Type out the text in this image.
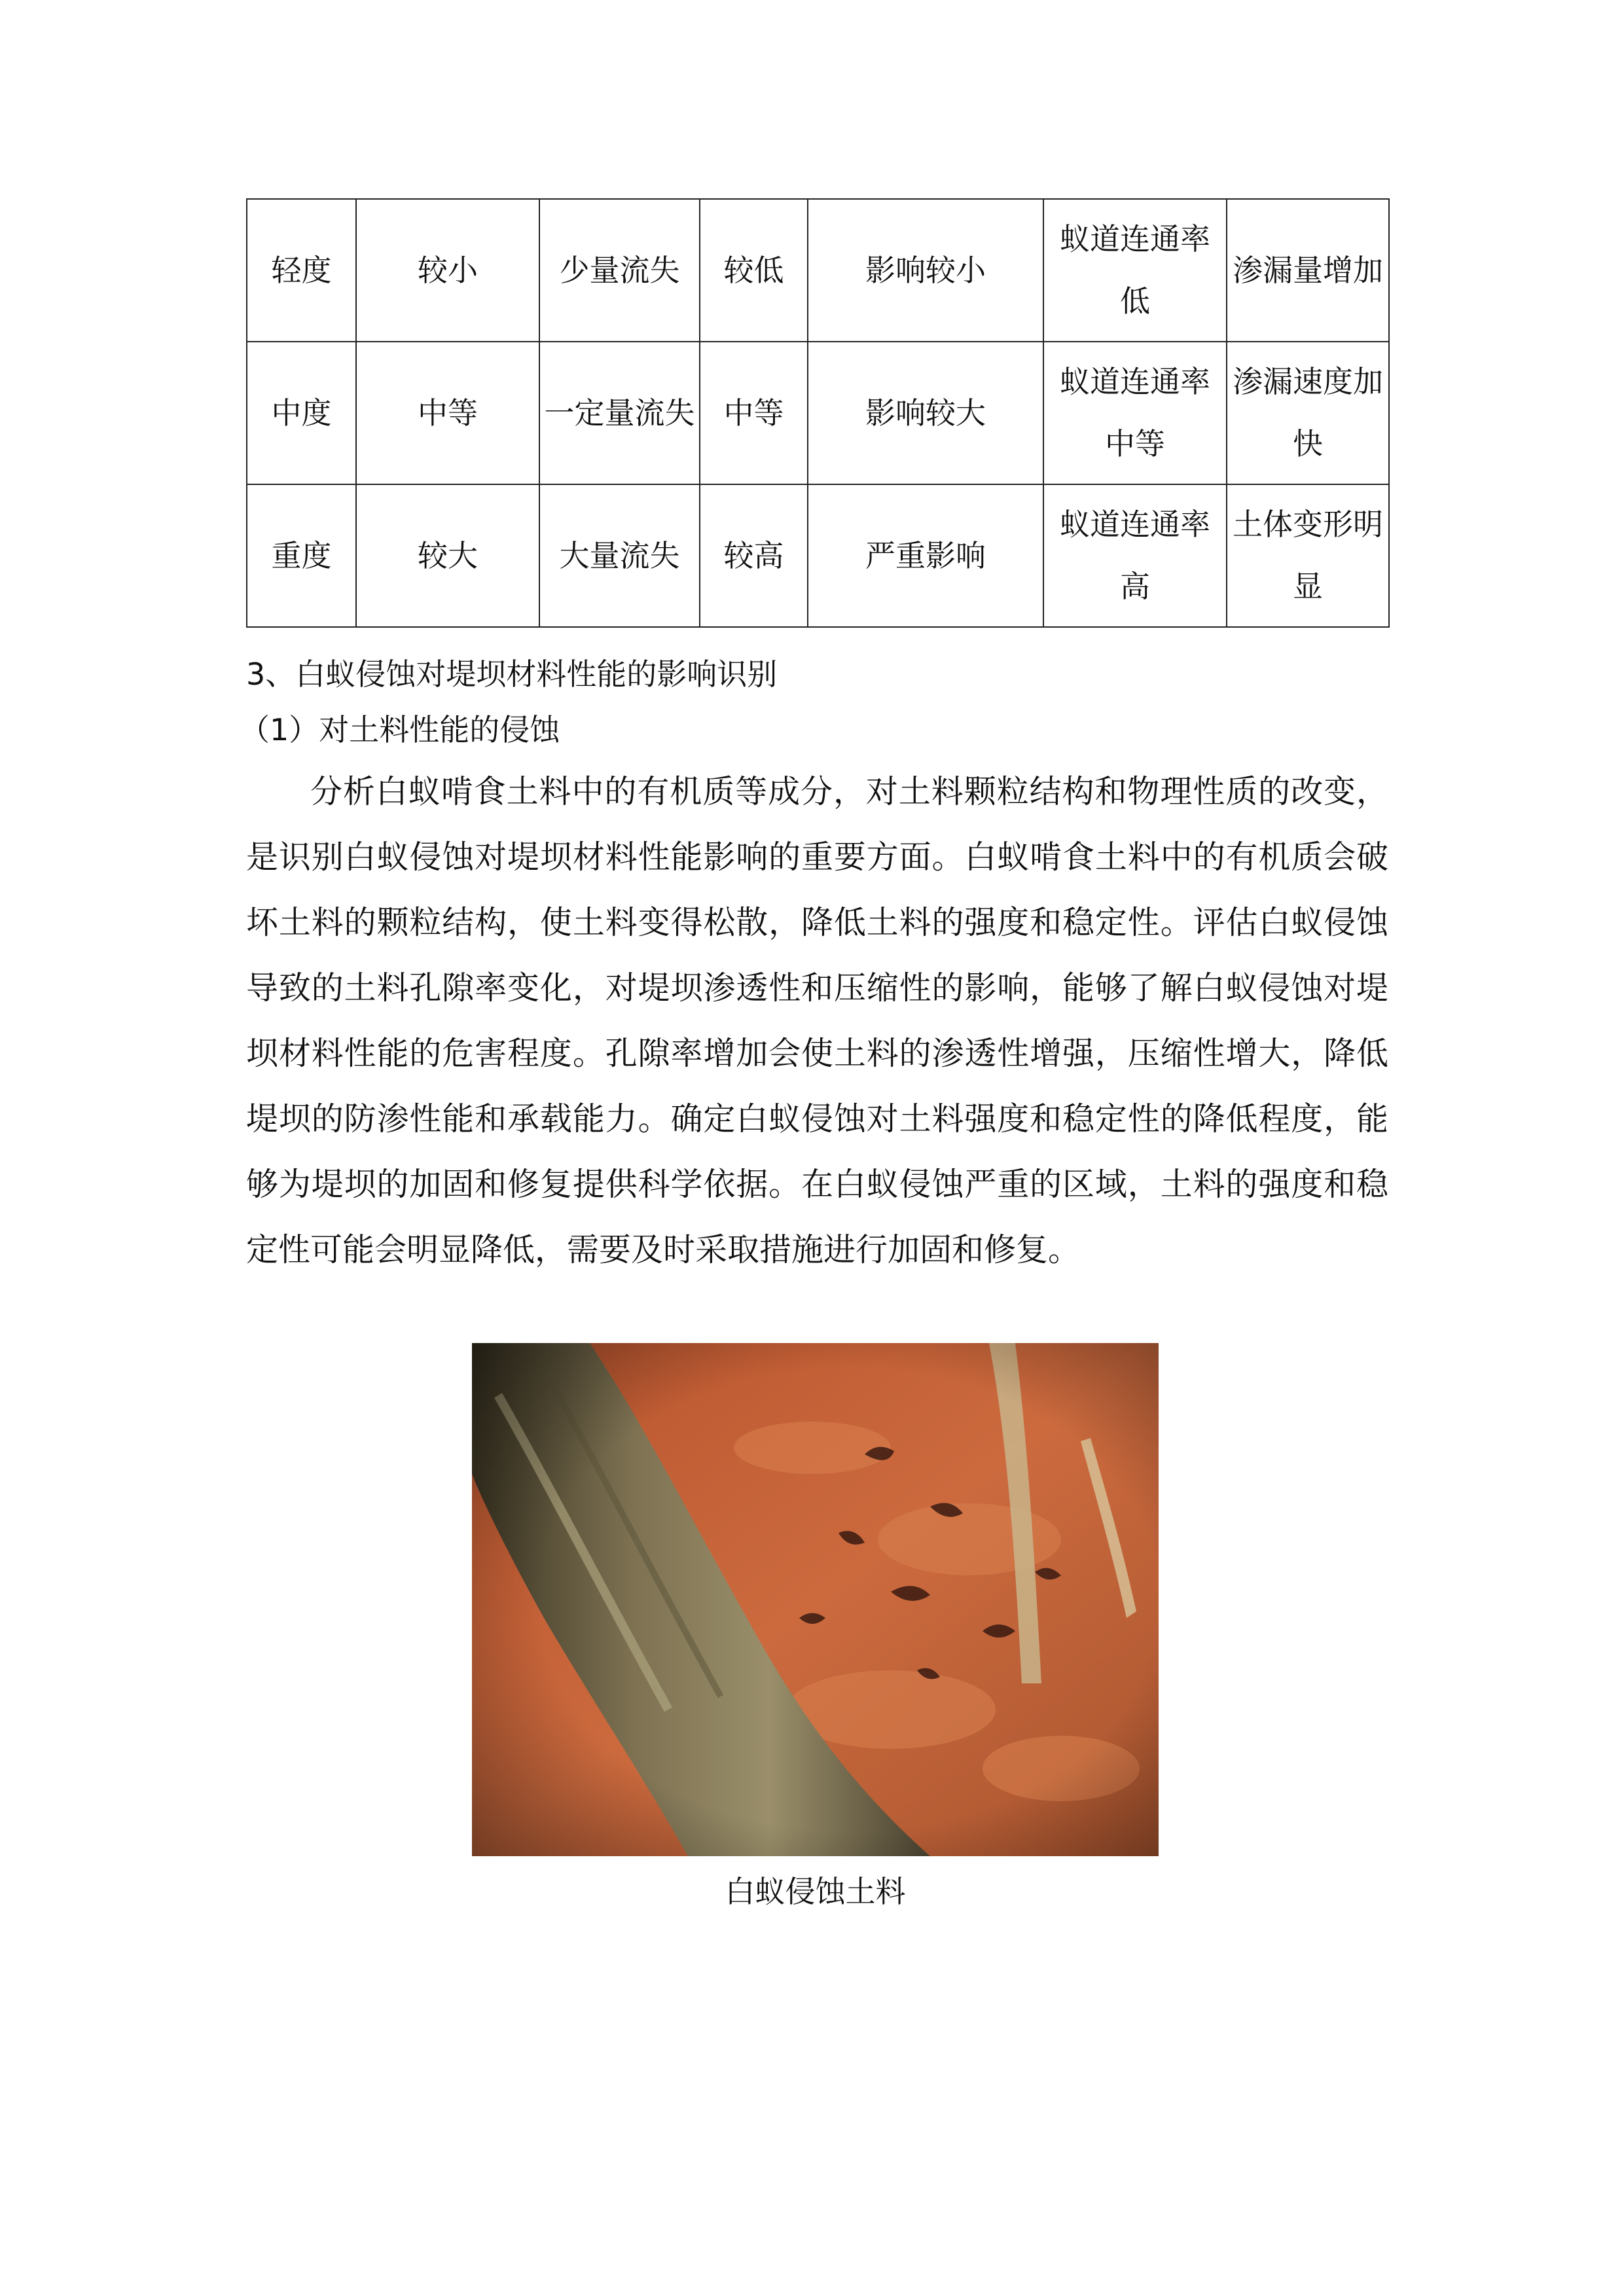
轻度	较小	少量流失	较低	影响较小	蚁道连通率低	渗漏量增加
中度	中等	一定量流失	中等	影响较大	蚁道连通率中等	渗漏速度加快
重度	较大	大量流失	较高	严重影响	蚁道连通率高	土体变形明显
3、白蚁侵蚀对堤坝材料性能的影响识别
（1）对土料性能的侵蚀

分析白蚁啃食土料中的有机质等成分，对土料颗粒结构和物理性质的改变，是识别白蚁侵蚀对堤坝材料性能影响的重要方面。白蚁啃食土料中的有机质会破坏土料的颗粒结构，使土料变得松散，降低土料的强度和稳定性。评估白蚁侵蚀导致的土料孔隙率变化，对堤坝渗透性和压缩性的影响，能够了解白蚁侵蚀对堤坝材料性能的危害程度。孔隙率增加会使土料的渗透性增强，压缩性增大，降低堤坝的防渗性能和承载能力。确定白蚁侵蚀对土料强度和稳定性的降低程度，能够为堤坝的加固和修复提供科学依据。在白蚁侵蚀严重的区域，土料的强度和稳定性可能会明显降低，需要及时采取措施进行加固和修复。

白蚁侵蚀土料
